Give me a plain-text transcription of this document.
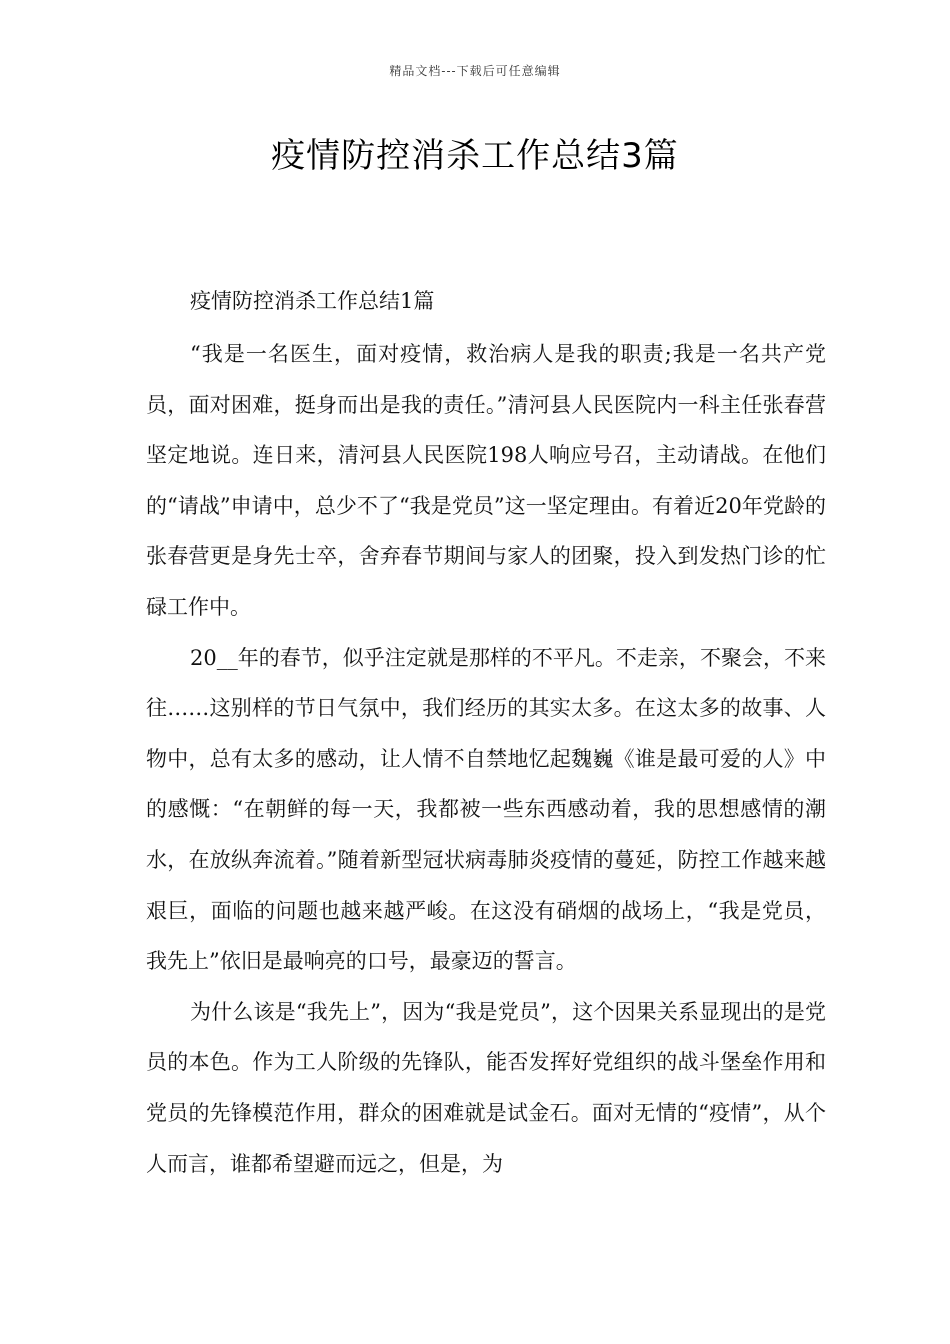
精品文档---下载后可任意编辑
疫情防控消杀工作总结3篇
疫情防控消杀工作总结1篇

“我是一名医生，面对疫情，救治病人是我的职责;我是一名共产党员，面对困难，挺身而出是我的责任。”清河县人民医院内一科主任张春营坚定地说。连日来，清河县人民医院198人响应号召，主动请战。在他们的“请战”申请中，总少不了“我是党员”这一坚定理由。有着近20年党龄的张春营更是身先士卒，舍弃春节期间与家人的团聚，投入到发热门诊的忙碌工作中。

20__年的春节，似乎注定就是那样的不平凡。不走亲，不聚会，不来往……这别样的节日气氛中，我们经历的其实太多。在这太多的故事、人物中，总有太多的感动，让人情不自禁地忆起魏巍《谁是最可爱的人》中的感慨：“在朝鲜的每一天，我都被一些东西感动着，我的思想感情的潮水，在放纵奔流着。”随着新型冠状病毒肺炎疫情的蔓延，防控工作越来越艰巨，面临的问题也越来越严峻。在这没有硝烟的战场上，“我是党员，我先上”依旧是最响亮的口号，最豪迈的誓言。

为什么该是“我先上”，因为“我是党员”，这个因果关系显现出的是党员的本色。作为工人阶级的先锋队，能否发挥好党组织的战斗堡垒作用和党员的先锋模范作用，群众的困难就是试金石。面对无情的“疫情”，从个人而言，谁都希望避而远之，但是，为
